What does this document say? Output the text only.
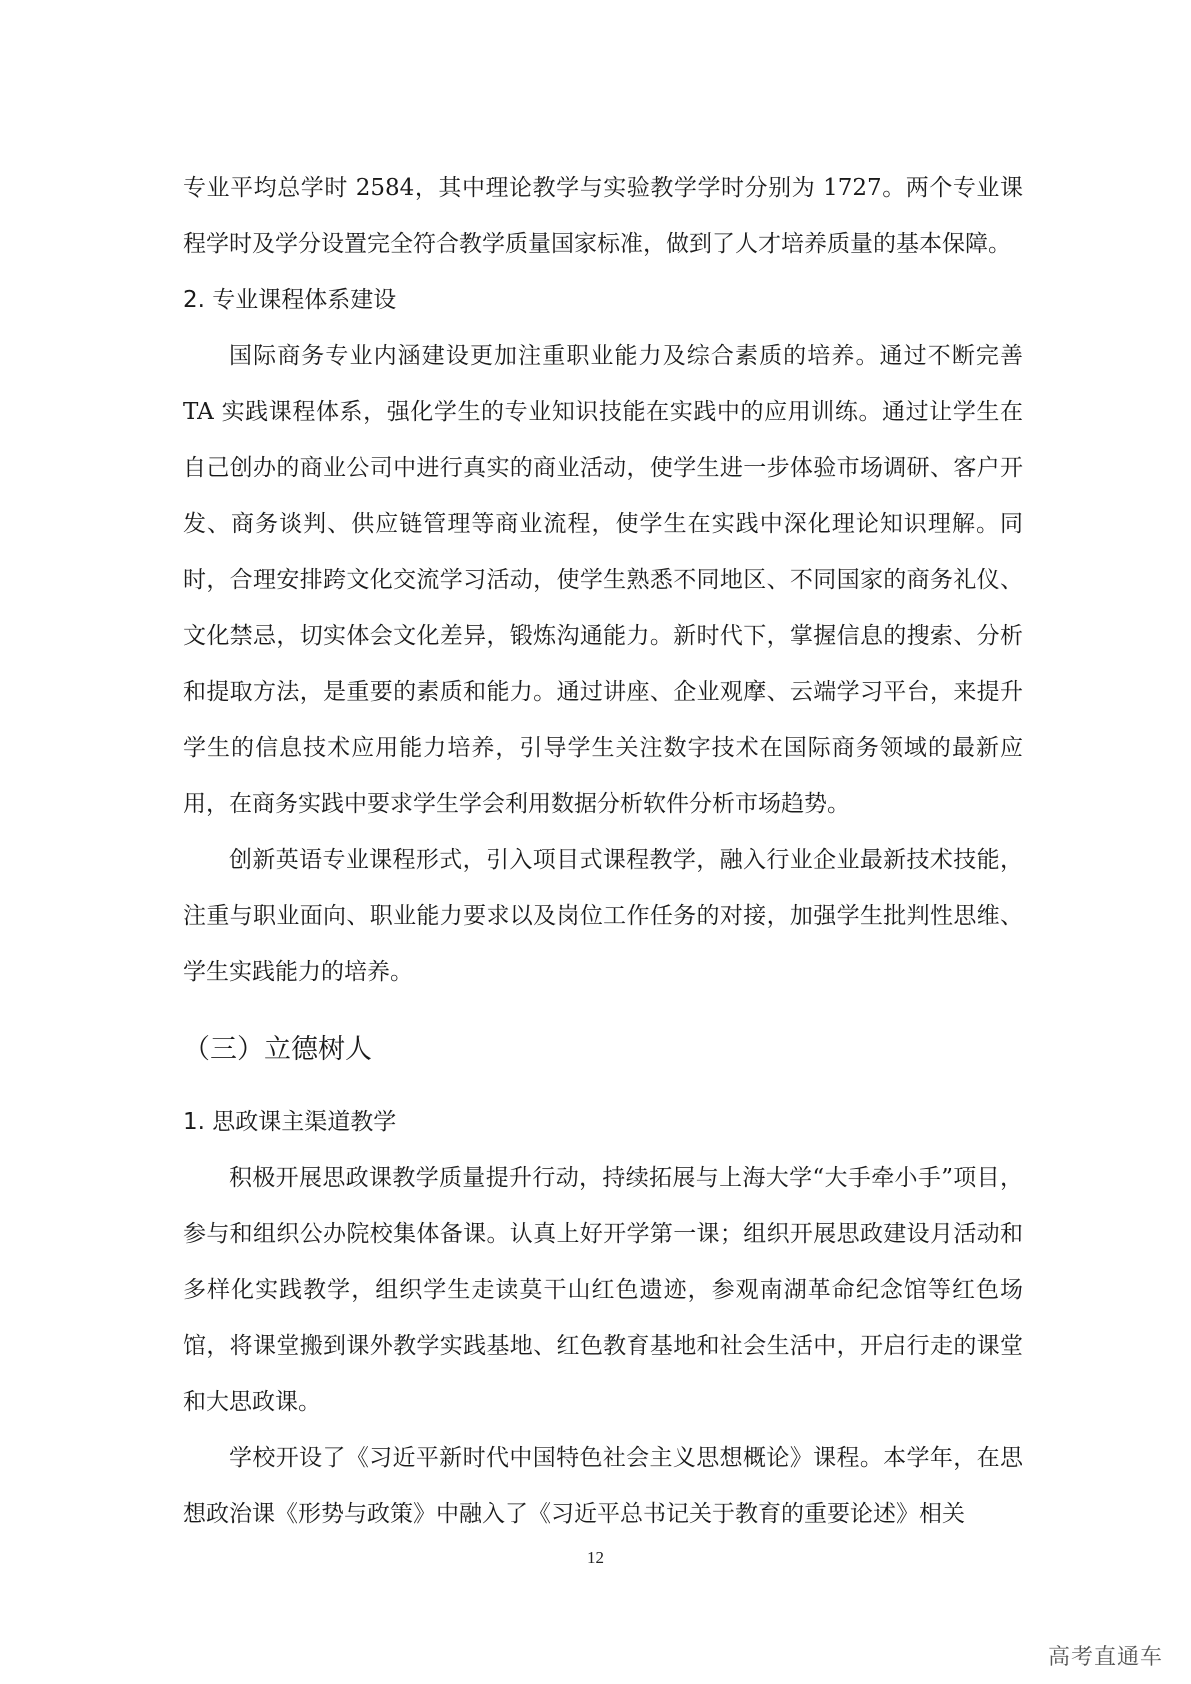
专业平均总学时 2584，其中理论教学与实验教学学时分别为 1727。两个专业课程学时及学分设置完全符合教学质量国家标准，做到了人才培养质量的基本保障。

2. 专业课程体系建设

国际商务专业内涵建设更加注重职业能力及综合素质的培养。通过不断完善 TA 实践课程体系，强化学生的专业知识技能在实践中的应用训练。通过让学生在自己创办的商业公司中进行真实的商业活动，使学生进一步体验市场调研、客户开发、商务谈判、供应链管理等商业流程，使学生在实践中深化理论知识理解。同时，合理安排跨文化交流学习活动，使学生熟悉不同地区、不同国家的商务礼仪、文化禁忌，切实体会文化差异，锻炼沟通能力。新时代下，掌握信息的搜索、分析和提取方法，是重要的素质和能力。通过讲座、企业观摩、云端学习平台，来提升学生的信息技术应用能力培养，引导学生关注数字技术在国际商务领域的最新应用，在商务实践中要求学生学会利用数据分析软件分析市场趋势。

创新英语专业课程形式，引入项目式课程教学，融入行业企业最新技术技能，注重与职业面向、职业能力要求以及岗位工作任务的对接，加强学生批判性思维、学生实践能力的培养。

（三）立德树人
1. 思政课主渠道教学

积极开展思政课教学质量提升行动，持续拓展与上海大学“大手牵小手”项目，参与和组织公办院校集体备课。认真上好开学第一课；组织开展思政建设月活动和多样化实践教学，组织学生走读莫干山红色遗迹，参观南湖革命纪念馆等红色场馆，将课堂搬到课外教学实践基地、红色教育基地和社会生活中，开启行走的课堂和大思政课。

学校开设了《习近平新时代中国特色社会主义思想概论》课程。本学年，在思想政治课《形势与政策》中融入了《习近平总书记关于教育的重要论述》相关

12
高考直通车
